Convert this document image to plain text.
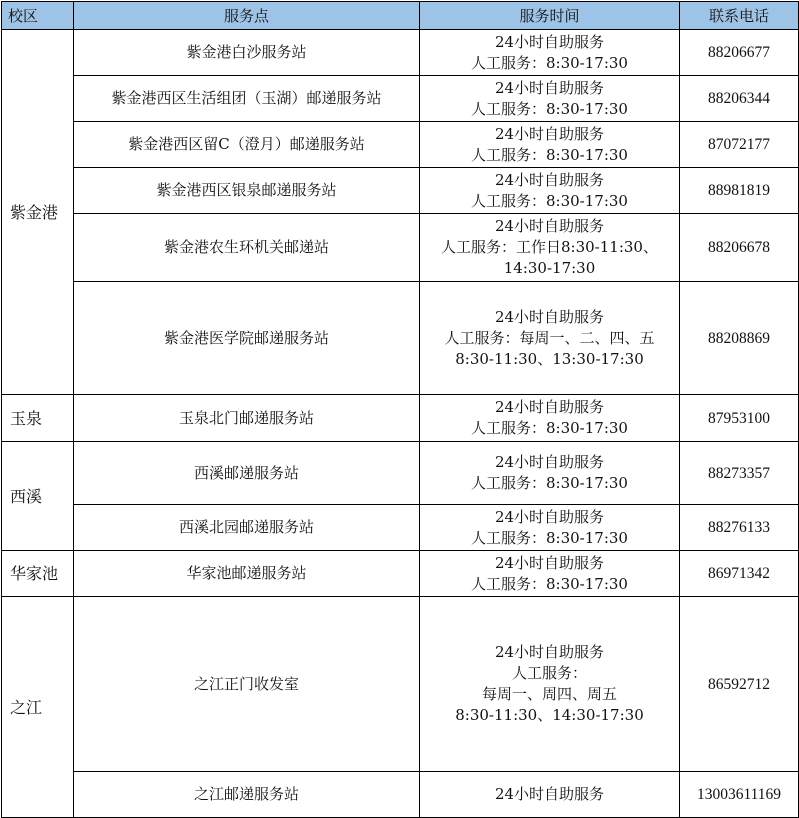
校区	服务点	服务时间	联系电话
紫金港	紫金港白沙服务站	24小时自助服务
人工服务：8:30-17:30	88206677
	紫金港西区生活组团（玉湖）邮递服务站	24小时自助服务
人工服务：8:30-17:30	88206344
	紫金港西区留C（澄月）邮递服务站	24小时自助服务
人工服务：8:30-17:30	87072177
	紫金港西区银泉邮递服务站	24小时自助服务
人工服务：8:30-17:30	88981819
	紫金港农生环机关邮递站	24小时自助服务
人工服务：工作日8:30-11:30、
14:30-17:30	88206678
	紫金港医学院邮递服务站	24小时自助服务
人工服务：每周一、二、四、五
8:30-11:30、13:30-17:30	88208869
玉泉	玉泉北门邮递服务站	24小时自助服务
人工服务：8:30-17:30	87953100
西溪	西溪邮递服务站	24小时自助服务
人工服务：8:30-17:30	88273357
	西溪北园邮递服务站	24小时自助服务
人工服务：8:30-17:30	88276133
华家池	华家池邮递服务站	24小时自助服务
人工服务：8:30-17:30	86971342
之江	之江正门收发室	24小时自助服务
人工服务：
每周一、周四、周五
8:30-11:30、14:30-17:30	86592712
	之江邮递服务站	24小时自助服务	13003611169
